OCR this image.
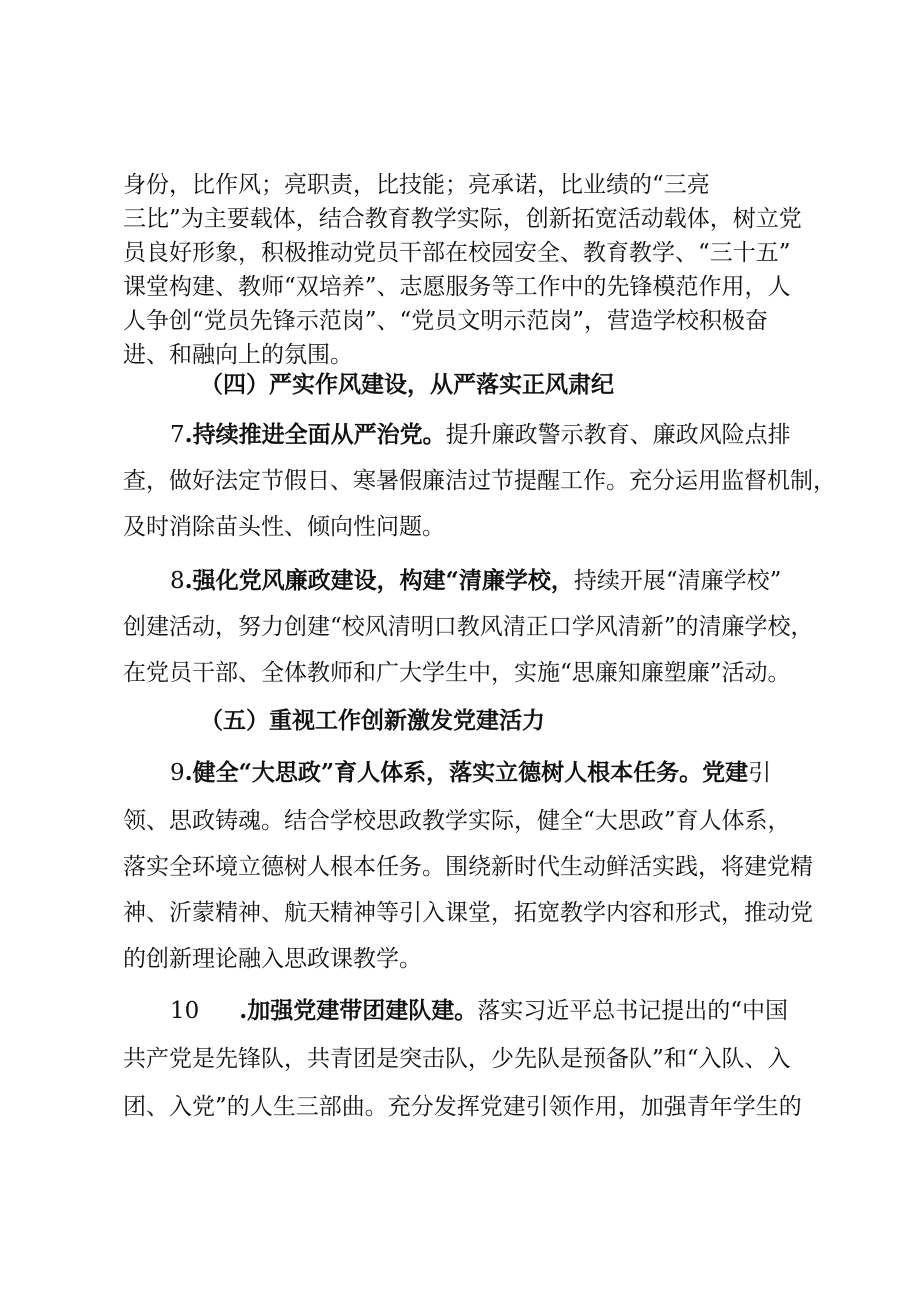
身份，比作风；亮职责，比技能；亮承诺，比业绩的“三亮
三比”为主要载体，结合教育教学实际，创新拓宽活动载体，树立党
员良好形象，积极推动党员干部在校园安全、教育教学、“三十五”
课堂构建、教师“双培养”、志愿服务等工作中的先锋模范作用，人
人争创“党员先锋示范岗”、“党员文明示范岗”，营造学校积极奋
进、和融向上的氛围。
（四）严实作风建设，从严落实正风肃纪
7.持续推进全面从严治党。提升廉政警示教育、廉政风险点排
查，做好法定节假日、寒暑假廉洁过节提醒工作。充分运用监督机制，
及时消除苗头性、倾向性问题。
8.强化党风廉政建设，构建“清廉学校，持续开展“清廉学校”
创建活动，努力创建“校风清明口教风清正口学风清新”的清廉学校，
在党员干部、全体教师和广大学生中，实施“思廉知廉塑廉”活动。
（五）重视工作创新激发党建活力
9.健全“大思政”育人体系，落实立德树人根本任务。党建引
领、思政铸魂。结合学校思政教学实际，健全“大思政”育人体系，
落实全环境立德树人根本任务。围绕新时代生动鲜活实践，将建党精
神、沂蒙精神、航天精神等引入课堂，拓宽教学内容和形式，推动党
的创新理论融入思政课教学。
10 .加强党建带团建队建。落实习近平总书记提出的“中国
共产党是先锋队，共青团是突击队，少先队是预备队”和“入队、入
团、入党”的人生三部曲。充分发挥党建引领作用，加强青年学生的
